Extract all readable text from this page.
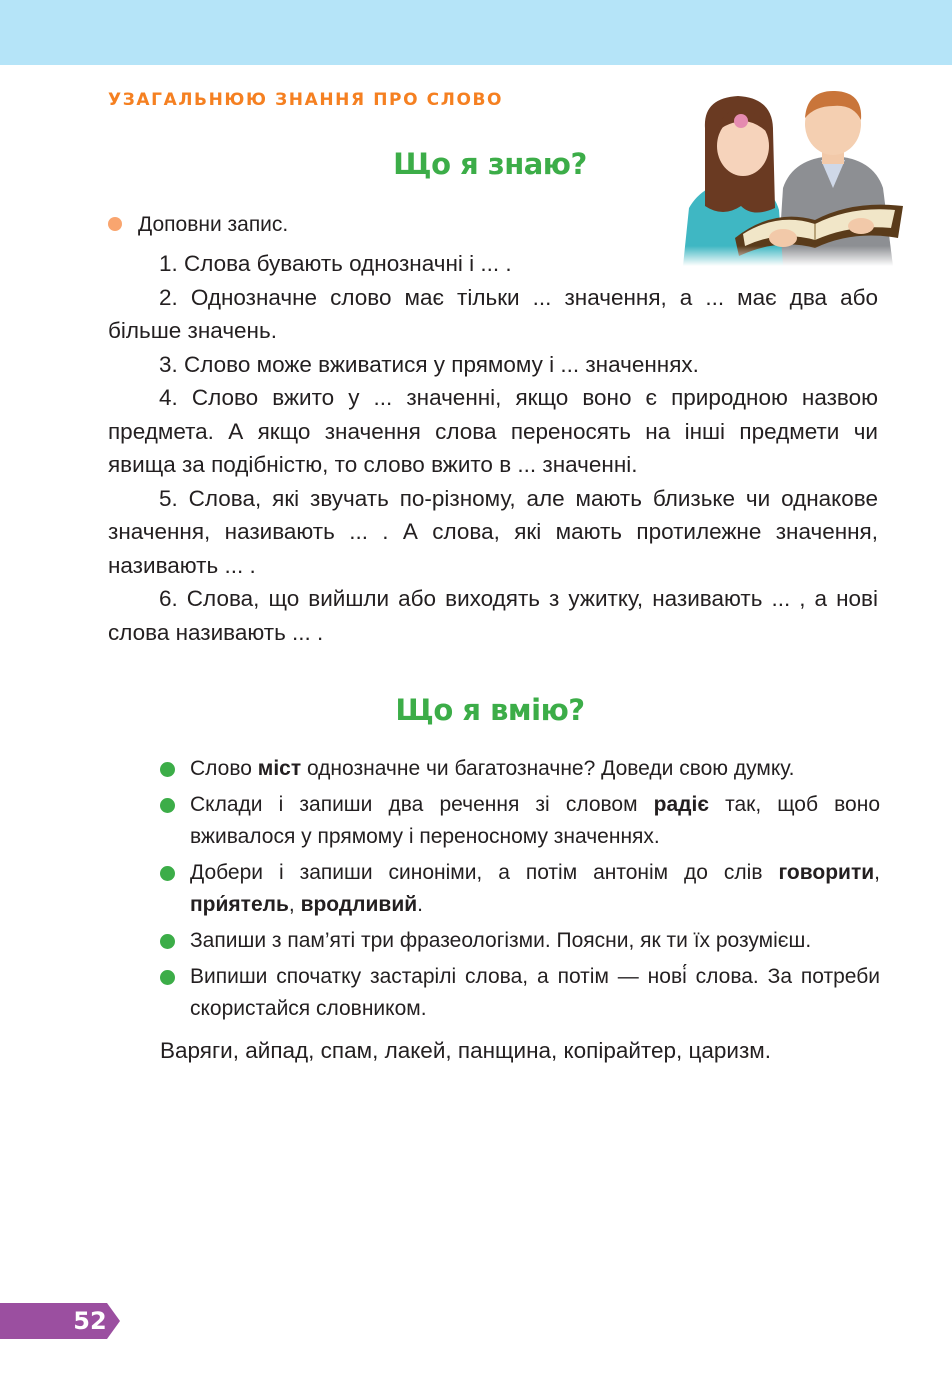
УЗАГАЛЬНЮЮ ЗНАННЯ ПРО СЛОВО

Що я знаю?

Доповни запис.

1. Слова бувають однозначні і ... .

2. Однозначне слово має тільки ... значення, а ... має два або більше значень.

3. Слово може вживатися у прямому і ... значеннях.

4. Слово вжито у ... значенні, якщо воно є природною назвою предмета. А якщо значення слова переносять на інші предмети чи явища за подібністю, то слово вжито в ... значенні.

5. Слова, які звучать по-різному, але мають близьке чи однакове значення, називають ... . А слова, які мають протилежне значення, називають ... .

6. Слова, що вийшли або виходять з ужитку, називають ... , а нові слова називають ... .

Що я вмію?
Слово міст однозначне чи багатозначне? Доведи свою думку.
Склади і запиши два речення зі словом радіє так, щоб воно вживалося у прямому і переносному значеннях.
Добери і запиши синоніми, а потім антонім до слів говорити, при́ятель, вродливий.
Запиши з пам’яті три фразеологізми. Поясни, як ти їх розумієш.
Випиши спочатку застарілі слова, а потім — нові́ слова. За потреби скористайся словником.

Варяги, айпад, спам, лакей, панщина, копірайтер, царизм.

52
